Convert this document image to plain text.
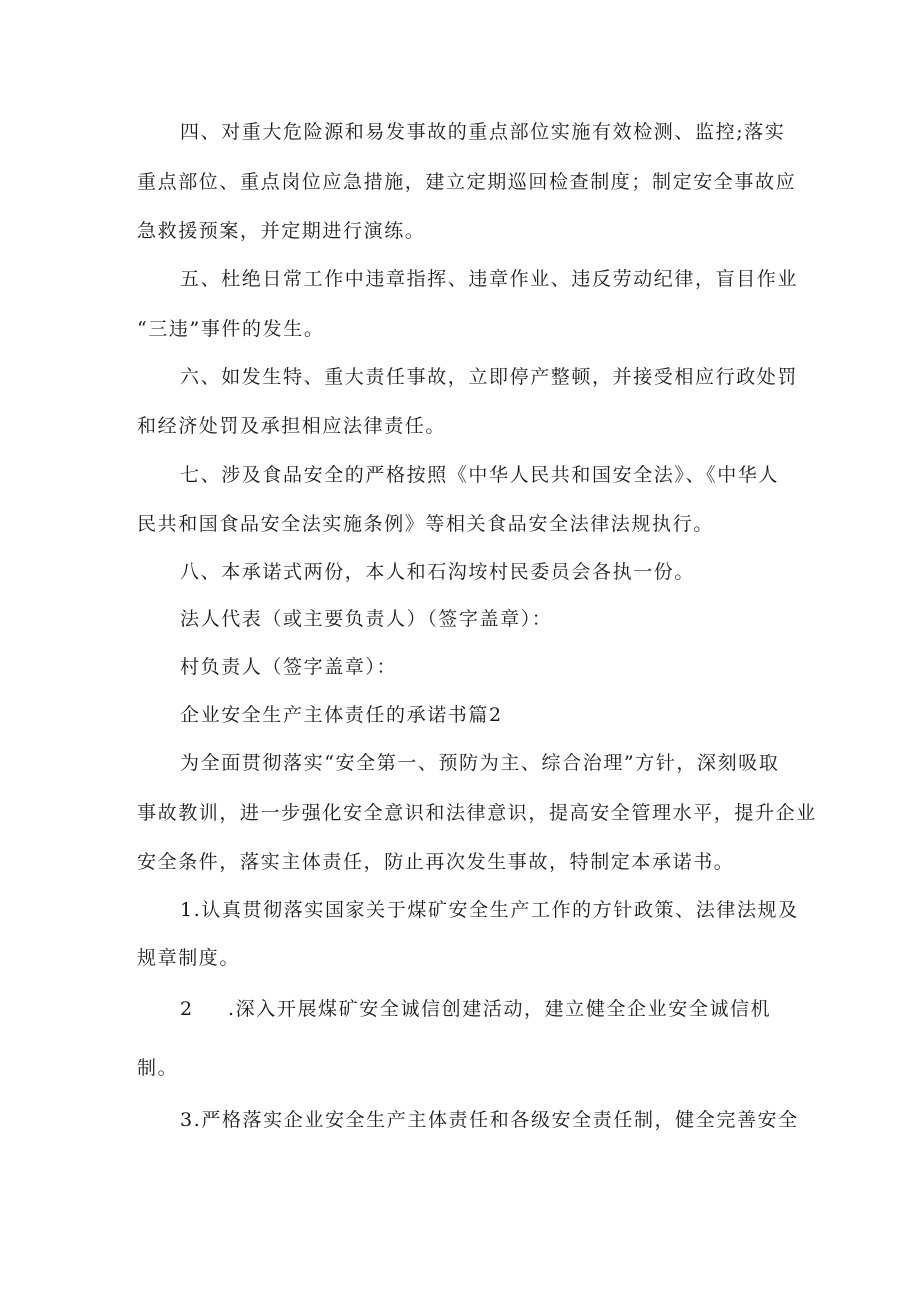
四、对重大危险源和易发事故的重点部位实施有效检测、监控;落实
重点部位、重点岗位应急措施，建立定期巡回检查制度；制定安全事故应
急救援预案，并定期进行演练。
五、杜绝日常工作中违章指挥、违章作业、违反劳动纪律，盲目作业
“三违”事件的发生。
六、如发生特、重大责任事故，立即停产整顿，并接受相应行政处罚
和经济处罚及承担相应法律责任。
七、涉及食品安全的严格按照《中华人民共和国安全法》、《中华人
民共和国食品安全法实施条例》等相关食品安全法律法规执行。
八、本承诺式两份，本人和石沟垵村民委员会各执一份。
法人代表（或主要负责人）（签字盖章）：
村负责人（签字盖章）：
企业安全生产主体责任的承诺书篇2
为全面贯彻落实“安全第一、预防为主、综合治理”方针，深刻吸取
事故教训，进一步强化安全意识和法律意识，提高安全管理水平，提升企业
安全条件，落实主体责任，防止再次发生事故，特制定本承诺书。
1.认真贯彻落实国家关于煤矿安全生产工作的方针政策、法律法规及
规章制度。
2 .深入开展煤矿安全诚信创建活动，建立健全企业安全诚信机
制。
3.严格落实企业安全生产主体责任和各级安全责任制，健全完善安全
